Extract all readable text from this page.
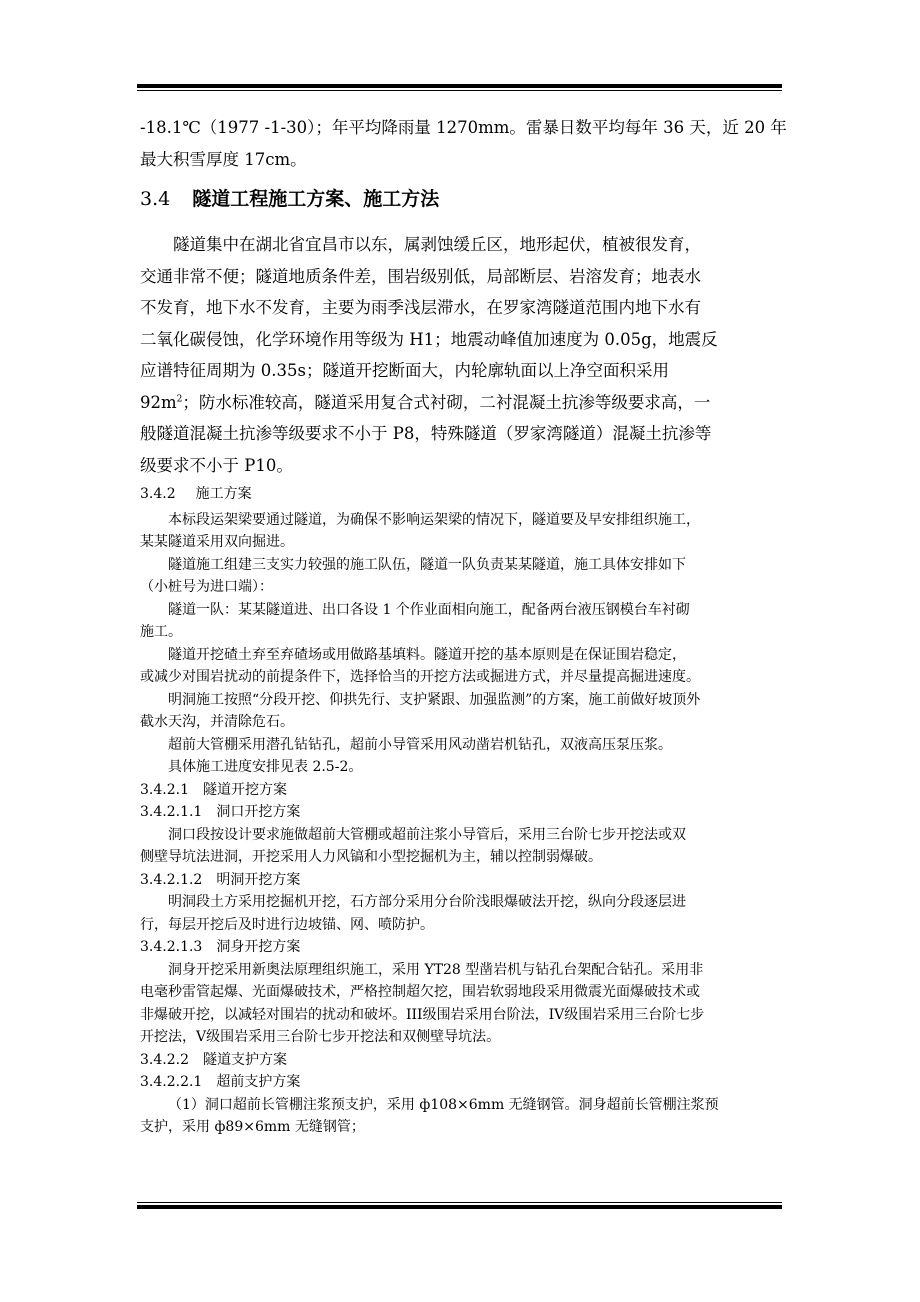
-18.1℃（1977 -1-30）；年平均降雨量 1270mm。雷暴日数平均每年 36 天，近 20 年

最大积雪厚度 17cm。

3.4 隧道工程施工方案、施工方法

隧道集中在湖北省宜昌市以东，属剥蚀缓丘区，地形起伏，植被很发育，

交通非常不便；隧道地质条件差，围岩级别低，局部断层、岩溶发育；地表水

不发育，地下水不发育，主要为雨季浅层滞水，在罗家湾隧道范围内地下水有

二氧化碳侵蚀，化学环境作用等级为 H1；地震动峰值加速度为 0.05g，地震反

应谱特征周期为 0.35s；隧道开挖断面大，内轮廓轨面以上净空面积采用

$92m^2$；防水标准较高，隧道采用复合式衬砌，二衬混凝土抗渗等级要求高，一

般隧道混凝土抗渗等级要求不小于 P8，特殊隧道（罗家湾隧道）混凝土抗渗等

级要求不小于 P10。

3.4.2 施工方案

本标段运架梁要通过隧道，为确保不影响运架梁的情况下，隧道要及早安排组织施工，

某某隧道采用双向掘进。

隧道施工组建三支实力较强的施工队伍，隧道一队负责某某隧道，施工具体安排如下

（小桩号为进口端）：

隧道一队：某某隧道进、出口各设 1 个作业面相向施工，配备两台液压钢模台车衬砌

施工。

隧道开挖碴土弃至弃碴场或用做路基填料。隧道开挖的基本原则是在保证围岩稳定，

或减少对围岩扰动的前提条件下，选择恰当的开挖方法或掘进方式，并尽量提高掘进速度。

明洞施工按照“分段开挖、仰拱先行、支护紧跟、加强监测”的方案，施工前做好坡顶外

截水天沟，并清除危石。

超前大管棚采用潜孔钻钻孔，超前小导管采用风动凿岩机钻孔，双液高压泵压浆。

具体施工进度安排见表 2.5-2。

3.4.2.1 隧道开挖方案

3.4.2.1.1 洞口开挖方案

洞口段按设计要求施做超前大管棚或超前注浆小导管后，采用三台阶七步开挖法或双

侧壁导坑法进洞，开挖采用人力风镐和小型挖掘机为主，辅以控制弱爆破。

3.4.2.1.2 明洞开挖方案

明洞段土方采用挖掘机开挖，石方部分采用分台阶浅眼爆破法开挖，纵向分段逐层进

行，每层开挖后及时进行边坡锚、网、喷防护。

3.4.2.1.3 洞身开挖方案

洞身开挖采用新奥法原理组织施工，采用 YT28 型凿岩机与钻孔台架配合钻孔。采用非

电毫秒雷管起爆、光面爆破技术，严格控制超欠挖，围岩软弱地段采用微震光面爆破技术或

非爆破开挖，以减轻对围岩的扰动和破坏。III级围岩采用台阶法，IV级围岩采用三台阶七步

开挖法，V级围岩采用三台阶七步开挖法和双侧壁导坑法。

3.4.2.2 隧道支护方案

3.4.2.2.1 超前支护方案

（1）洞口超前长管棚注浆预支护，采用 ф108×6mm 无缝钢管。洞身超前长管棚注浆预

支护，采用 ф89×6mm 无缝钢管；
